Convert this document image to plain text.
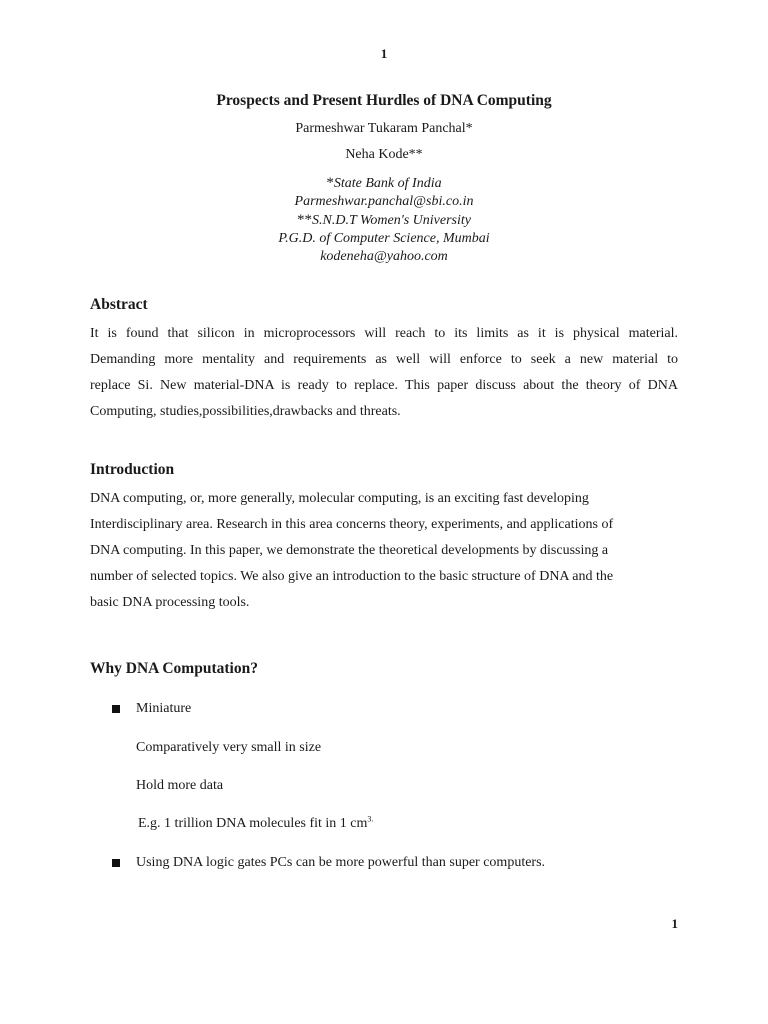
1
Prospects and Present Hurdles of DNA Computing
Parmeshwar Tukaram Panchal*
Neha Kode**
*State Bank of India
Parmeshwar.panchal@sbi.co.in
**S.N.D.T Women's University
P.G.D. of Computer Science, Mumbai
kodeneha@yahoo.com
Abstract
It is found that silicon in microprocessors will reach to its limits as it is physical material.
Demanding more mentality and requirements as well will enforce to seek a new material to
replace Si. New material-DNA is ready to replace. This paper discuss about the theory of DNA
Computing, studies,possibilities,drawbacks and threats.
Introduction
DNA computing, or, more generally, molecular computing, is an exciting fast developing
Interdisciplinary area. Research in this area concerns theory, experiments, and applications of
DNA computing. In this paper, we demonstrate the theoretical developments by discussing a
number of selected topics. We also give an introduction to the basic structure of DNA and the
basic DNA processing tools.
Why DNA Computation?
Miniature
Comparatively very small in size
Hold more data
E.g. 1 trillion DNA molecules fit in 1 $cm^{3.}$
Using DNA logic gates PCs can be more powerful than super computers.
1
